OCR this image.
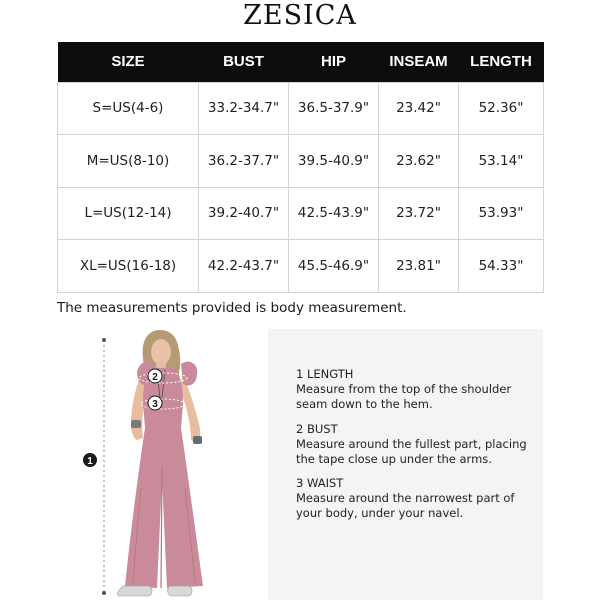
ZESICA
SIZE	BUST	HIP	INSEAM	LENGTH
S=US(4-6)	33.2-34.7"	36.5-37.9"	23.42"	52.36"
M=US(8-10)	36.2-37.7"	39.5-40.9"	23.62"	53.14"
L=US(12-14)	39.2-40.7"	42.5-43.9"	23.72"	53.93"
XL=US(16-18)	42.2-43.7"	45.5-46.9"	23.81"	54.33"
The measurements provided is body measurement.
1
2
3
1 LENGTH
Measure from the top of the shoulder seam down to the hem.
2 BUST
Measure around the fullest part, placing the tape close up under the arms.
3 WAIST
Measure around the narrowest part of your body, under your navel.
